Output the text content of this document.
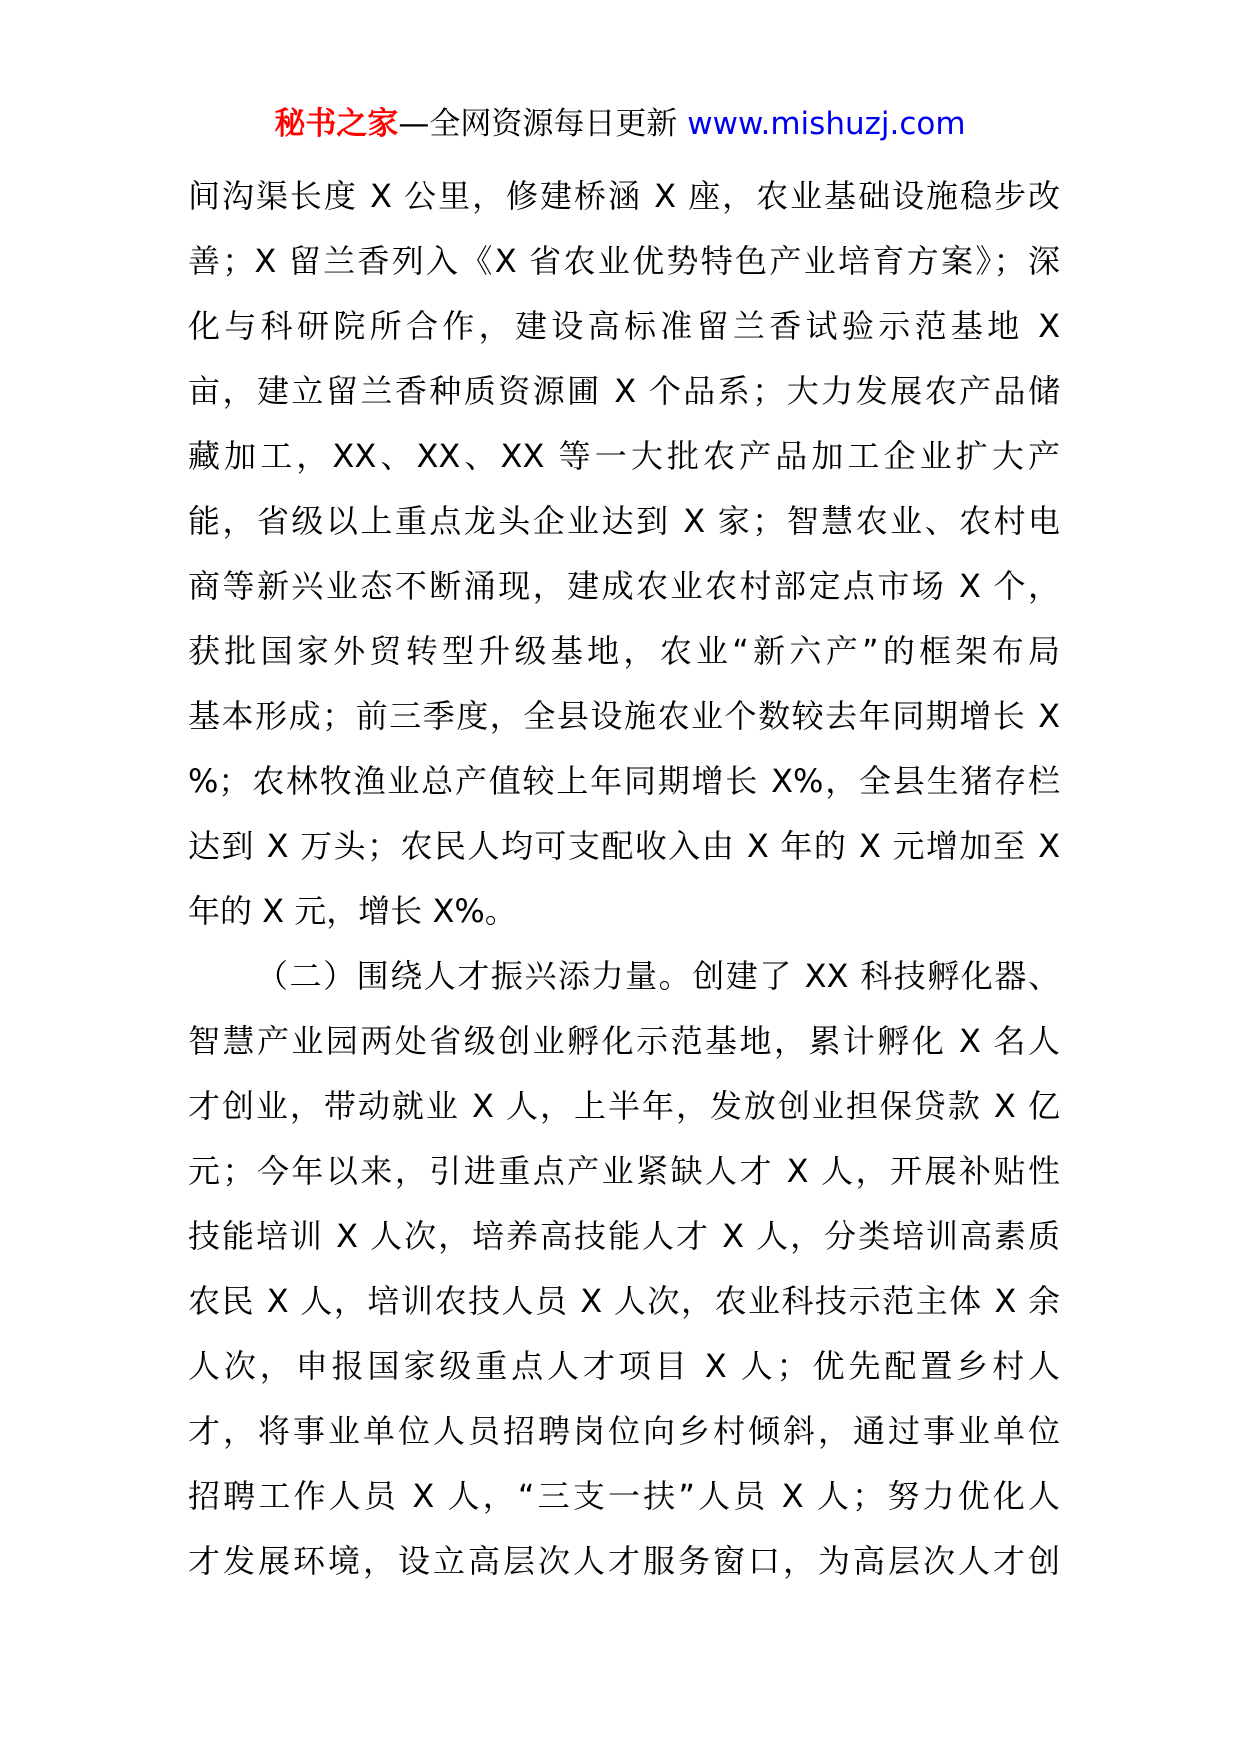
秘书之家—全网资源每日更新 www.mishuzj.com
间沟渠长度 X 公里，修建桥涵 X 座，农业基础设施稳步改
善；X 留兰香列入《X 省农业优势特色产业培育方案》；深
化与科研院所合作，建设高标准留兰香试验示范基地 X
亩，建立留兰香种质资源圃 X 个品系；大力发展农产品储
藏加工，XX、XX、XX 等一大批农产品加工企业扩大产
能，省级以上重点龙头企业达到 X 家；智慧农业、农村电
商等新兴业态不断涌现，建成农业农村部定点市场 X 个，
获批国家外贸转型升级基地，农业“新六产”的框架布局
基本形成；前三季度，全县设施农业个数较去年同期增长 X
%；农林牧渔业总产值较上年同期增长 X%，全县生猪存栏
达到 X 万头；农民人均可支配收入由 X 年的 X 元增加至 X
年的 X 元，增长 X%。
（二）围绕人才振兴添力量。创建了 XX 科技孵化器、
智慧产业园两处省级创业孵化示范基地，累计孵化 X 名人
才创业，带动就业 X 人，上半年，发放创业担保贷款 X 亿
元；今年以来，引进重点产业紧缺人才 X 人，开展补贴性
技能培训 X 人次，培养高技能人才 X 人，分类培训高素质
农民 X 人，培训农技人员 X 人次，农业科技示范主体 X 余
人次，申报国家级重点人才项目 X 人；优先配置乡村人
才，将事业单位人员招聘岗位向乡村倾斜，通过事业单位
招聘工作人员 X 人，“三支一扶”人员 X 人；努力优化人
才发展环境，设立高层次人才服务窗口，为高层次人才创
